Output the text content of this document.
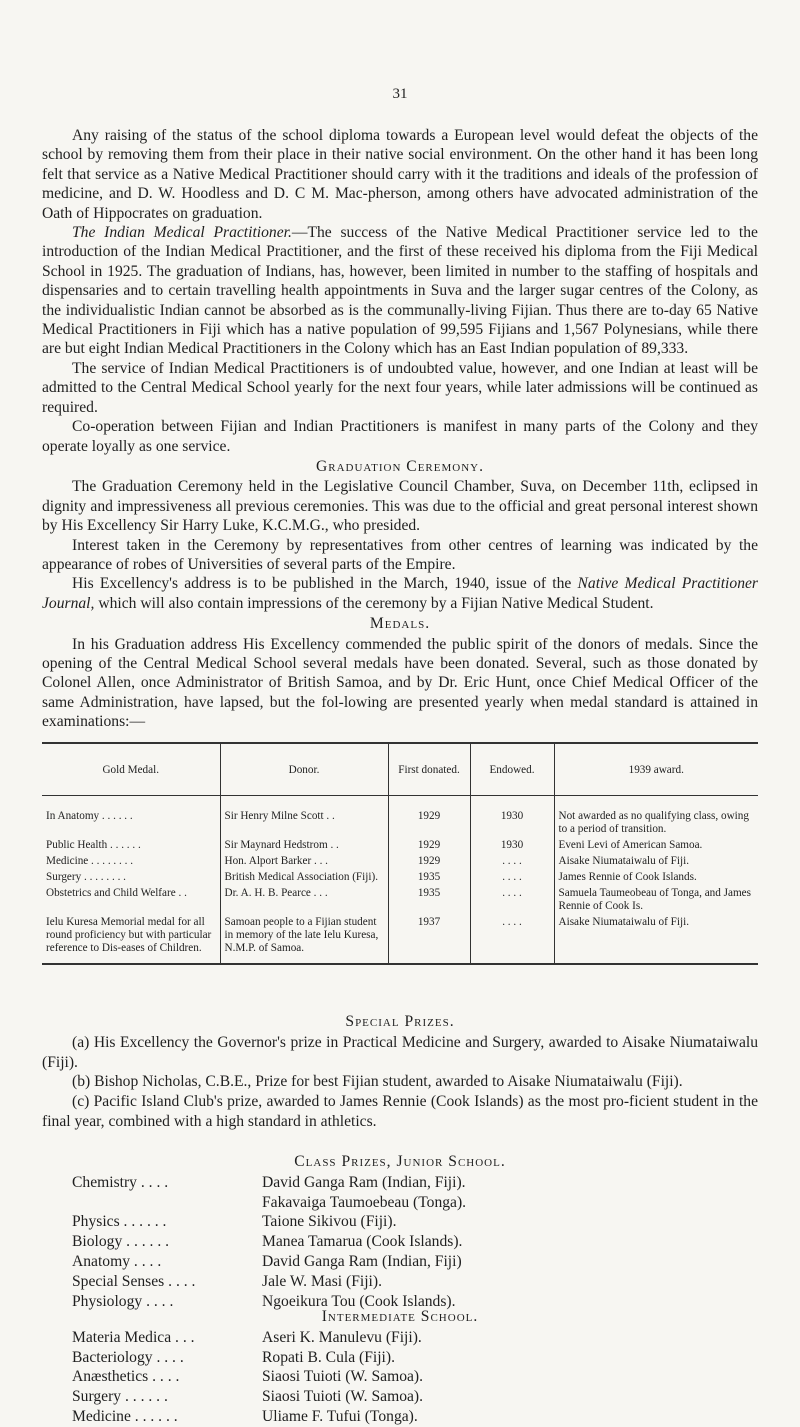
31

Any raising of the status of the school diploma towards a European level would defeat the objects of the school by removing them from their place in their native social environment. On the other hand it has been long felt that service as a Native Medical Practitioner should carry with it the traditions and ideals of the profession of medicine, and D. W. Hoodless and D. C M. Mac-pherson, among others have advocated administration of the Oath of Hippocrates on graduation.

The Indian Medical Practitioner.—The success of the Native Medical Practitioner service led to the introduction of the Indian Medical Practitioner, and the first of these received his diploma from the Fiji Medical School in 1925. The graduation of Indians, has, however, been limited in number to the staffing of hospitals and dispensaries and to certain travelling health appointments in Suva and the larger sugar centres of the Colony, as the individualistic Indian cannot be absorbed as is the communally-living Fijian. Thus there are to-day 65 Native Medical Practitioners in Fiji which has a native population of 99,595 Fijians and 1,567 Polynesians, while there are but eight Indian Medical Practitioners in the Colony which has an East Indian population of 89,333.

The service of Indian Medical Practitioners is of undoubted value, however, and one Indian at least will be admitted to the Central Medical School yearly for the next four years, while later admissions will be continued as required.

Co-operation between Fijian and Indian Practitioners is manifest in many parts of the Colony and they operate loyally as one service.

Graduation Ceremony.

The Graduation Ceremony held in the Legislative Council Chamber, Suva, on December 11th, eclipsed in dignity and impressiveness all previous ceremonies. This was due to the official and great personal interest shown by His Excellency Sir Harry Luke, K.C.M.G., who presided.

Interest taken in the Ceremony by representatives from other centres of learning was indicated by the appearance of robes of Universities of several parts of the Empire.

His Excellency's address is to be published in the March, 1940, issue of the Native Medical Practitioner Journal, which will also contain impressions of the ceremony by a Fijian Native Medical Student.

Medals.

In his Graduation address His Excellency commended the public spirit of the donors of medals. Since the opening of the Central Medical School several medals have been donated. Several, such as those donated by Colonel Allen, once Administrator of British Samoa, and by Dr. Eric Hunt, once Chief Medical Officer of the same Administration, have lapsed, but the fol-lowing are presented yearly when medal standard is attained in examinations:—

Gold Medal.	Donor.	First donated.	Endowed.	1939 award.
In Anatomy . . . . . .	Sir Henry Milne Scott . .	1929	1930	Not awarded as no qualifying class, owing to a period of transition.
Public Health . . . . . .	Sir Maynard Hedstrom . .	1929	1930	Eveni Levi of American Samoa.
Medicine . . . . . . . .	Hon. Alport Barker . . .	1929	. . . .	Aisake Niumataiwalu of Fiji.
Surgery . . . . . . . .	British Medical Association (Fiji).	1935	. . . .	James Rennie of Cook Islands.
Obstetrics and Child Welfare . .	Dr. A. H. B. Pearce . . .	1935	. . . .	Samuela Taumeobeau of Tonga, and James Rennie of Cook Is.
Ielu Kuresa Memorial medal for all round proficiency but with particular reference to Dis-eases of Children.	Samoan people to a Fijian student in memory of the late Ielu Kuresa, N.M.P. of Samoa.	1937	. . . .	Aisake Niumataiwalu of Fiji.
Special Prizes.

(a) His Excellency the Governor's prize in Practical Medicine and Surgery, awarded to Aisake Niumataiwalu (Fiji).

(b) Bishop Nicholas, C.B.E., Prize for best Fijian student, awarded to Aisake Niumataiwalu (Fiji).

(c) Pacific Island Club's prize, awarded to James Rennie (Cook Islands) as the most pro-ficient student in the final year, combined with a high standard in athletics.

Class Prizes, Junior School.
Chemistry . . . .	David Ganga Ram (Indian, Fiji).
Fakavaiga Taumoebeau (Tonga).
Physics . . . . . .	Taione Sikivou (Fiji).
Biology . . . . . .	Manea Tamarua (Cook Islands).
Anatomy . . . .	David Ganga Ram (Indian, Fiji)
Special Senses . . . .	Jale W. Masi (Fiji).
Physiology . . . .	Ngoeikura Tou (Cook Islands).
Intermediate School.
Materia Medica . . .	Aseri K. Manulevu (Fiji).
Bacteriology . . . .	Ropati B. Cula (Fiji).
Anæsthetics . . . .	Siaosi Tuioti (W. Samoa).
Surgery . . . . . .	Siaosi Tuioti (W. Samoa).
Medicine . . . . . .	Uliame F. Tufui (Tonga).
